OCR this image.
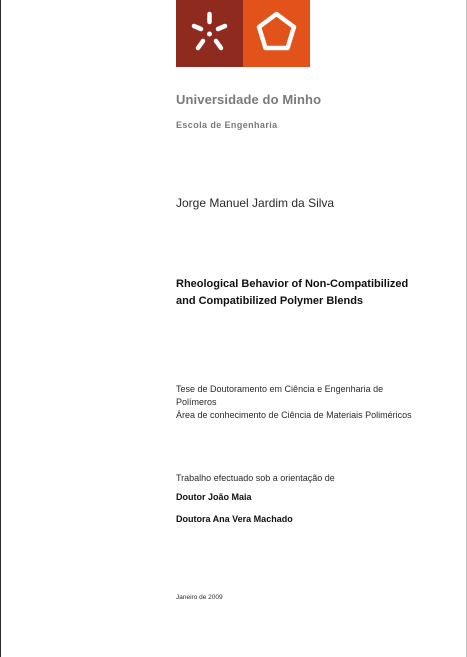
Universidade do Minho
Escola de Engenharia
Jorge Manuel Jardim da Silva
Rheological Behavior of Non-Compatibilized
and Compatibilized Polymer Blends
Tese de Doutoramento em Ciência e Engenharia de
Polímeros
Área de conhecimento de Ciência de Materiais Poliméricos
Trabalho efectuado sob a orientação de
Doutor João Maia
Doutora Ana Vera Machado
Janeiro de 2009
